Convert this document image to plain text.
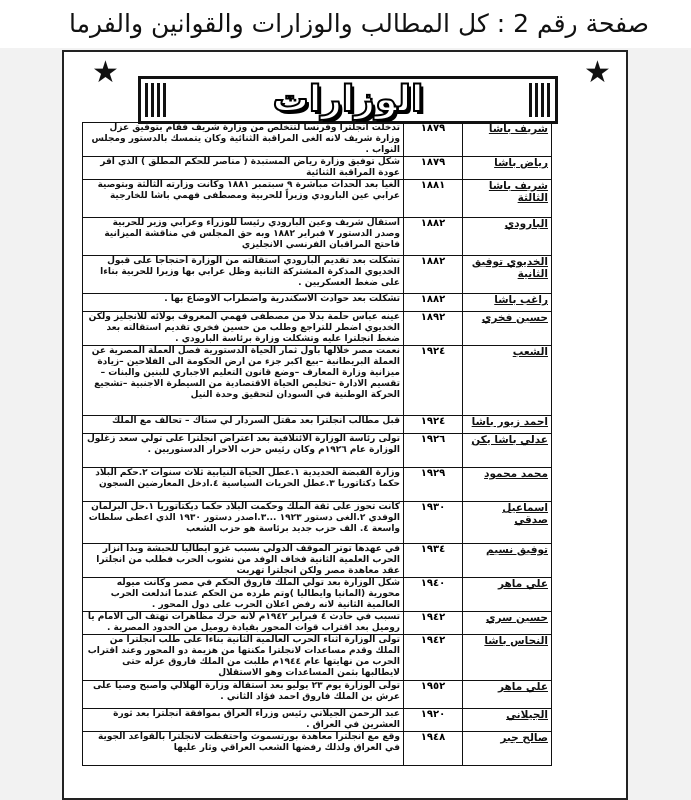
صفحة رقم 2 : كل المطالب والوزارات والقوانين والفرما
★
★
الوزارات
شريف باشا	١٨٧٩	تدخلت انجلترا وفرنسا لتتخلص من وزارة شريف فقام بتوفيق عزل وزارة شريف لانه الغى المراقبة الثنائية وكان يتمسك بالدستور ومجلس النواب .
رياض باشا	١٨٧٩	شكل توفيق وزارة رياض المستبدة ( مناصر للحكم المطلق ) الذي اقر عودة المراقبة الثنائية
شريف باشا الثالثة	١٨٨١	الغيا بعد الحداث مباشرة ٩ سبتمبر ١٨٨١ وكانت وزارته الثالثة وبتوصية عرابي عين البارودي وزيراً للحربية ومصطفى فهمي باشا للخارجية
البارودي	١٨٨٢	استقال شريف وعين البارودي رئيساً للوزراء وعرابي وزير للحربية وصدر الدستور ٧ فبراير ١٨٨٢ وبه حق المجلس في مناقشة الميزانية فاحتج المراقبان الفرنسي الانجليزي
الخديوي توفيق الثانية	١٨٨٢	تشكلت بعد تقديم البارودي استقالته من الوزارة احتجاجا على قبول الخديوي المذكرة المشتركة الثانية وظل عرابي بها وزيرا للحربية بناءا على ضغط العسكريين .
راغب باشا	١٨٨٢	تشكلت بعد حوادث الاسكندرية واضطراب الاوضاع بها .
حسين فخري	١٨٩٢	عينه عباس حلمة بدلا من مصطفى فهمي المعروف بولائه للانجليز ولكن الخديوي اضطر للتراجع وطلب من حسين فخري تقديم استقالته بعد ضغط انجلترا عليه وتشكلت وزارة برئاسة البارودي .
الشعب	١٩٢٤	نعمت مصر خلالها بأول ثمار الحياة الدستورية فصل العملة المصرية عن العملة البريطانية –بيع اكبر جزء من ارض الحكومة الى الفلاحين –زيادة ميزانية وزارة المعارف –وضع قانون التعليم الاجباري للبنين والبنات –تقسيم الادارة –تخليص الحياة الاقتصادية من السيطرة الاجنبية –تشجيع الحركة الوطنية في السودان لتحقيق وحدة النيل
احمد زيور باشا	١٩٢٤	قبل مطالب انجلترا بعد مقتل السردار لي ستاك – تحالف مع الملك
عدلي باشا يكن	١٩٢٦	تولى رئاسة الوزارة الائتلافية بعد اعتراض انجلترا على تولي سعد زغلول الوزارة عام ١٩٢٦م وكان رئيس حزب الاحرار الدستوريين .
محمد محمود	١٩٢٩	وزارة القبضة الحديدية ١.عطل الحياة النيابية ثلاث سنوات ٢.حكم البلاد حكما دكتاتوريا ٣.عطل الحريات السياسية ٤.ادخل المعارضين السجون
اسماعيل صدقي	١٩٣٠	كانت تحوز على ثقة الملك وحكمت البلاد حكما ديكتاتوريا ١.حل البرلمان الوفدي ٢.الغى دستور ١٩٢٣ ...٣.اصدر دستور ١٩٣٠ الذي اعطى سلطات واسعة ٤. الف حزب جديد برئاسة هو حزب الشعب
توفيق نسيم	١٩٣٤	في عهدها توتر الموقف الدولي بسبب غزو ايطاليا للحبشة وبدا انزار الحرب العلمية الثانية فخاف الوفد من نشوب الحرب فطلب من انجلترا عقد معاهدة مصر ولكن انجلترا تهربت
علي ماهر	١٩٤٠	شكل الوزارة بعد تولي الملك فاروق الحكم في مصر وكانت ميوله محورية (المانيا وايطاليا )وتم طرده من الحكم عندما اندلعت الحرب العالمية الثانية لانه رفض اعلان الحرب على دول المحور .
حسين سري	١٩٤٢	تسبب في حادث ٤ فبراير ١٩٤٢م لانه حرك مظاهرات تهتف الى الامام يا روميل بعد اقتراب قوات المحور بقيادة روميل من الحدود المصرية .
النحاس باشا	١٩٤٢	تولى الوزارة أثناء الحرب العالمية الثانية بناءا على طلب انجلترا من الملك وقدم مساعدات لانجلترا مكنتها من هزيمة دو المحور وعند اقتراب الحرب من نهايتها عام ١٩٤٤م طلبت من الملك فاروق عزله حتى لايطالبها بثمن المساعدات وهو الاستقلال
علي ماهر	١٩٥٢	تولى الوزارة يوم ٢٣ يوليو بعد استقالة وزارة الهلالي واصبح وصيا على عرش بن الملك فاروق احمد فؤاد الثاني .
الجيلاني	١٩٢٠	عبد الرحمن الجيلاني رئيس وزراء العراق بموافقة انجلترا بعد ثورة العشرين في العراق .
صالح جبر	١٩٤٨	وقع مع انجلترا معاهدة بورتسموث واحتفظت لانجلترا بالقواعد الجوية في العراق ولذلك رفضها الشعب العراقي وثار عليها
